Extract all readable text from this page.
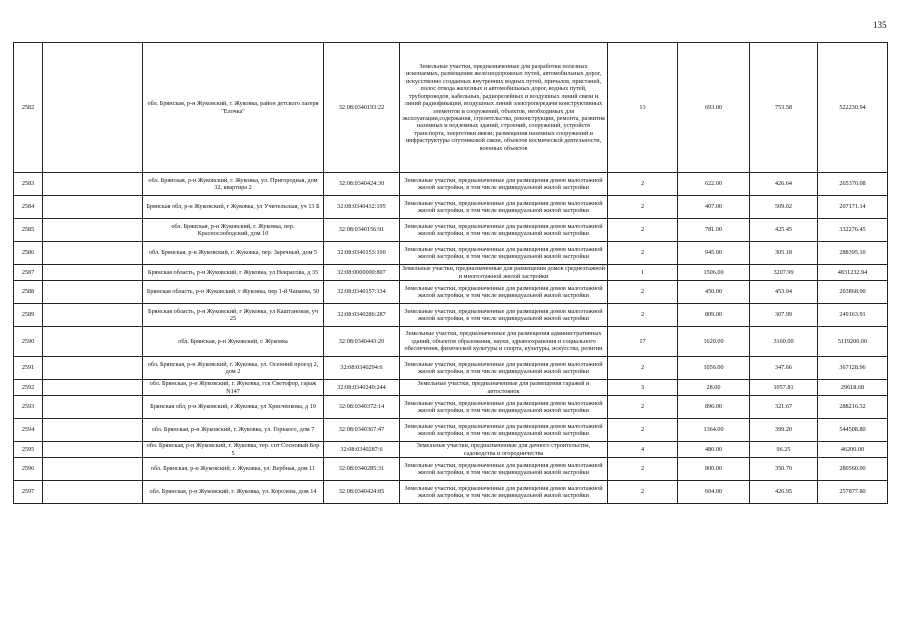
135
2582		обл. Брянская, р-н Жуковский, г. Жуковка, район детского лагеря "Елочка"	32:08:0340193:22	Земельные участки, предназначенные для разработки полезных ископаемых, размещения железнодорожных путей, автомобильных дорог, искусственно созданных внутренних водных путей, причалов, пристаней, полос отвода железных и автомобильных дорог, водных путей, трубопроводов, кабельных, радиорелейных и воздушных линий связи и линий радиофикации, воздушных линий электропередачи конструктивных элементов и сооружений, объектов, необходимых для эксплуатации,содержания, строительства, реконструкции, ремонта, развития наземных и подземных зданий, строений, сооружений, устройств транспорта, энергетики ивязи; размещения наземных сооружений и инфраструктуры спутниковой связи, объектов космической деятельности, военных объектов	13	693.00	753.58	522230.94
2583		обл. Брянская, р-н Жуковский, г. Жуковка, ул. Пригородная, дом 32, квартира 2	32:08:0340424:30	Земельные участки, предназначенные для размещения домов малоэтажной жилой застройки, в том числе индивидуальной жилой застройки	2	622.00	426.64	265370.08
2584		Брянская обл, р-н Жуковский, г Жуковка, ул Учительская, уч 13 Б	32:08:0340432:195	Земельные участки, предназначенные для размещения домов малоэтажной жилой застройки, в том числе индивидуальной жилой застройки	2	407.00	509.02	207171.14
2585		обл. Брянская, р-н Жуковский, г. Жуковка, пер. Краснослободский, дом 10	32:08:0340156:91	Земельные участки, предназначенные для размещения домов малоэтажной жилой застройки, в том числе индивидуальной жилой застройки	2	781.00	425.45	332276.45
2586		обл. Брянская, р-н Жуковский, г. Жуковка, пер. Заречный, дом 5	32:08:0340153:190	Земельные участки, предназначенные для размещения домов малоэтажной жилой застройки, в том числе индивидуальной жилой застройки	2	945.00	305.18	288395.10
2587		Брянская область, р-н Жуковский, г Жуковка, ул Некрасова, д 35	32:08:0000000:807	Земельные участки, предназначенные для размещения домов среднеэтажной и многоэтажной жилой застройки	1	1506.00	3207.99	4831232.94
2588		Брянская область, р-н Жуковский, г Жуковка, пер 1-й Чапаева, 50	32:08:0340157:134	Земельные участки, предназначенные для размещения домов малоэтажной жилой застройки, в том числе индивидуальной жилой застройки	2	450.00	453.04	203868.00
2589		Брянская область, р-н Жуковский, г Жуковка, ул Каштановая, уч 25	32:08:0340286:287	Земельные участки, предназначенные для размещения домов малоэтажной жилой застройки, в том числе индивидуальной жилой застройки	2	809.00	307.99	249163.91
2590		обл. Брянская, р-н Жуковский, г. Жуковка	32:08:0340443:20	Земельные участки, предназначенные для размещения административных зданий, объектов образования, науки, здравоохранения и социального обеспечения, физической культуры и спорта, культуры, искусства, религии	17	1620.00	3160.00	5119200.00
2591		обл. Брянская, р-н Жуковский, г. Жуковка, ул. Осенний проезд 2, дом 2	32:08:0340294:6	Земельные участки, предназначенные для размещения домов малоэтажной жилой застройки, в том числе индивидуальной жилой застройки	2	1056.00	347.66	367128.96
2592		обл. Брянская, р-н Жуковский, г. Жуковка, гск Светофор, гараж N147	32:08:0340240:244	Земельные участки, предназначенные для размещения гаражей и автостоянок	3	28.00	1057.81	29618.68
2593		Брянская обл, р-н Жуковский, г Жуковка, ул Хрисченкова, д 19	32:08:0340372:14	Земельные участки, предназначенные для размещения домов малоэтажной жилой застройки, в том числе индивидуальной жилой застройки	2	896.00	321.67	288216.32
2594		обл. Брянская, р-н Жуковский, г. Жуковка, ул. Горького, дом 7	32:08:0340367:47	Земельные участки, предназначенные для размещения домов малоэтажной жилой застройки, в том числе индивидуальной жилой застройки	2	1364.00	399.20	544508.80
2595		обл. Брянская, р-н Жуковский, г. Жуковка, тер. снт Сосновый Бор 5	32:08:0340287:6	Земельные участки, предназначенные для дачного строительства, садоводства и огородничества	4	480.00	96.25	46200.00
2596		обл. Брянская, р-н Жуковский, г. Жуковка, ул. Вербная, дом 11	32:08:0340285:31	Земельные участки, предназначенные для размещения домов малоэтажной жилой застройки, в том числе индивидуальной жилой застройки	2	800.00	350.70	280560.00
2597		обл. Брянская, р-н Жуковский, г. Жуковка, ул. Королева, дом 14	32:08:0340424:85	Земельные участки, предназначенные для размещения домов малоэтажной жилой застройки, в том числе индивидуальной жилой застройки	2	604.00	426.95	257877.80
